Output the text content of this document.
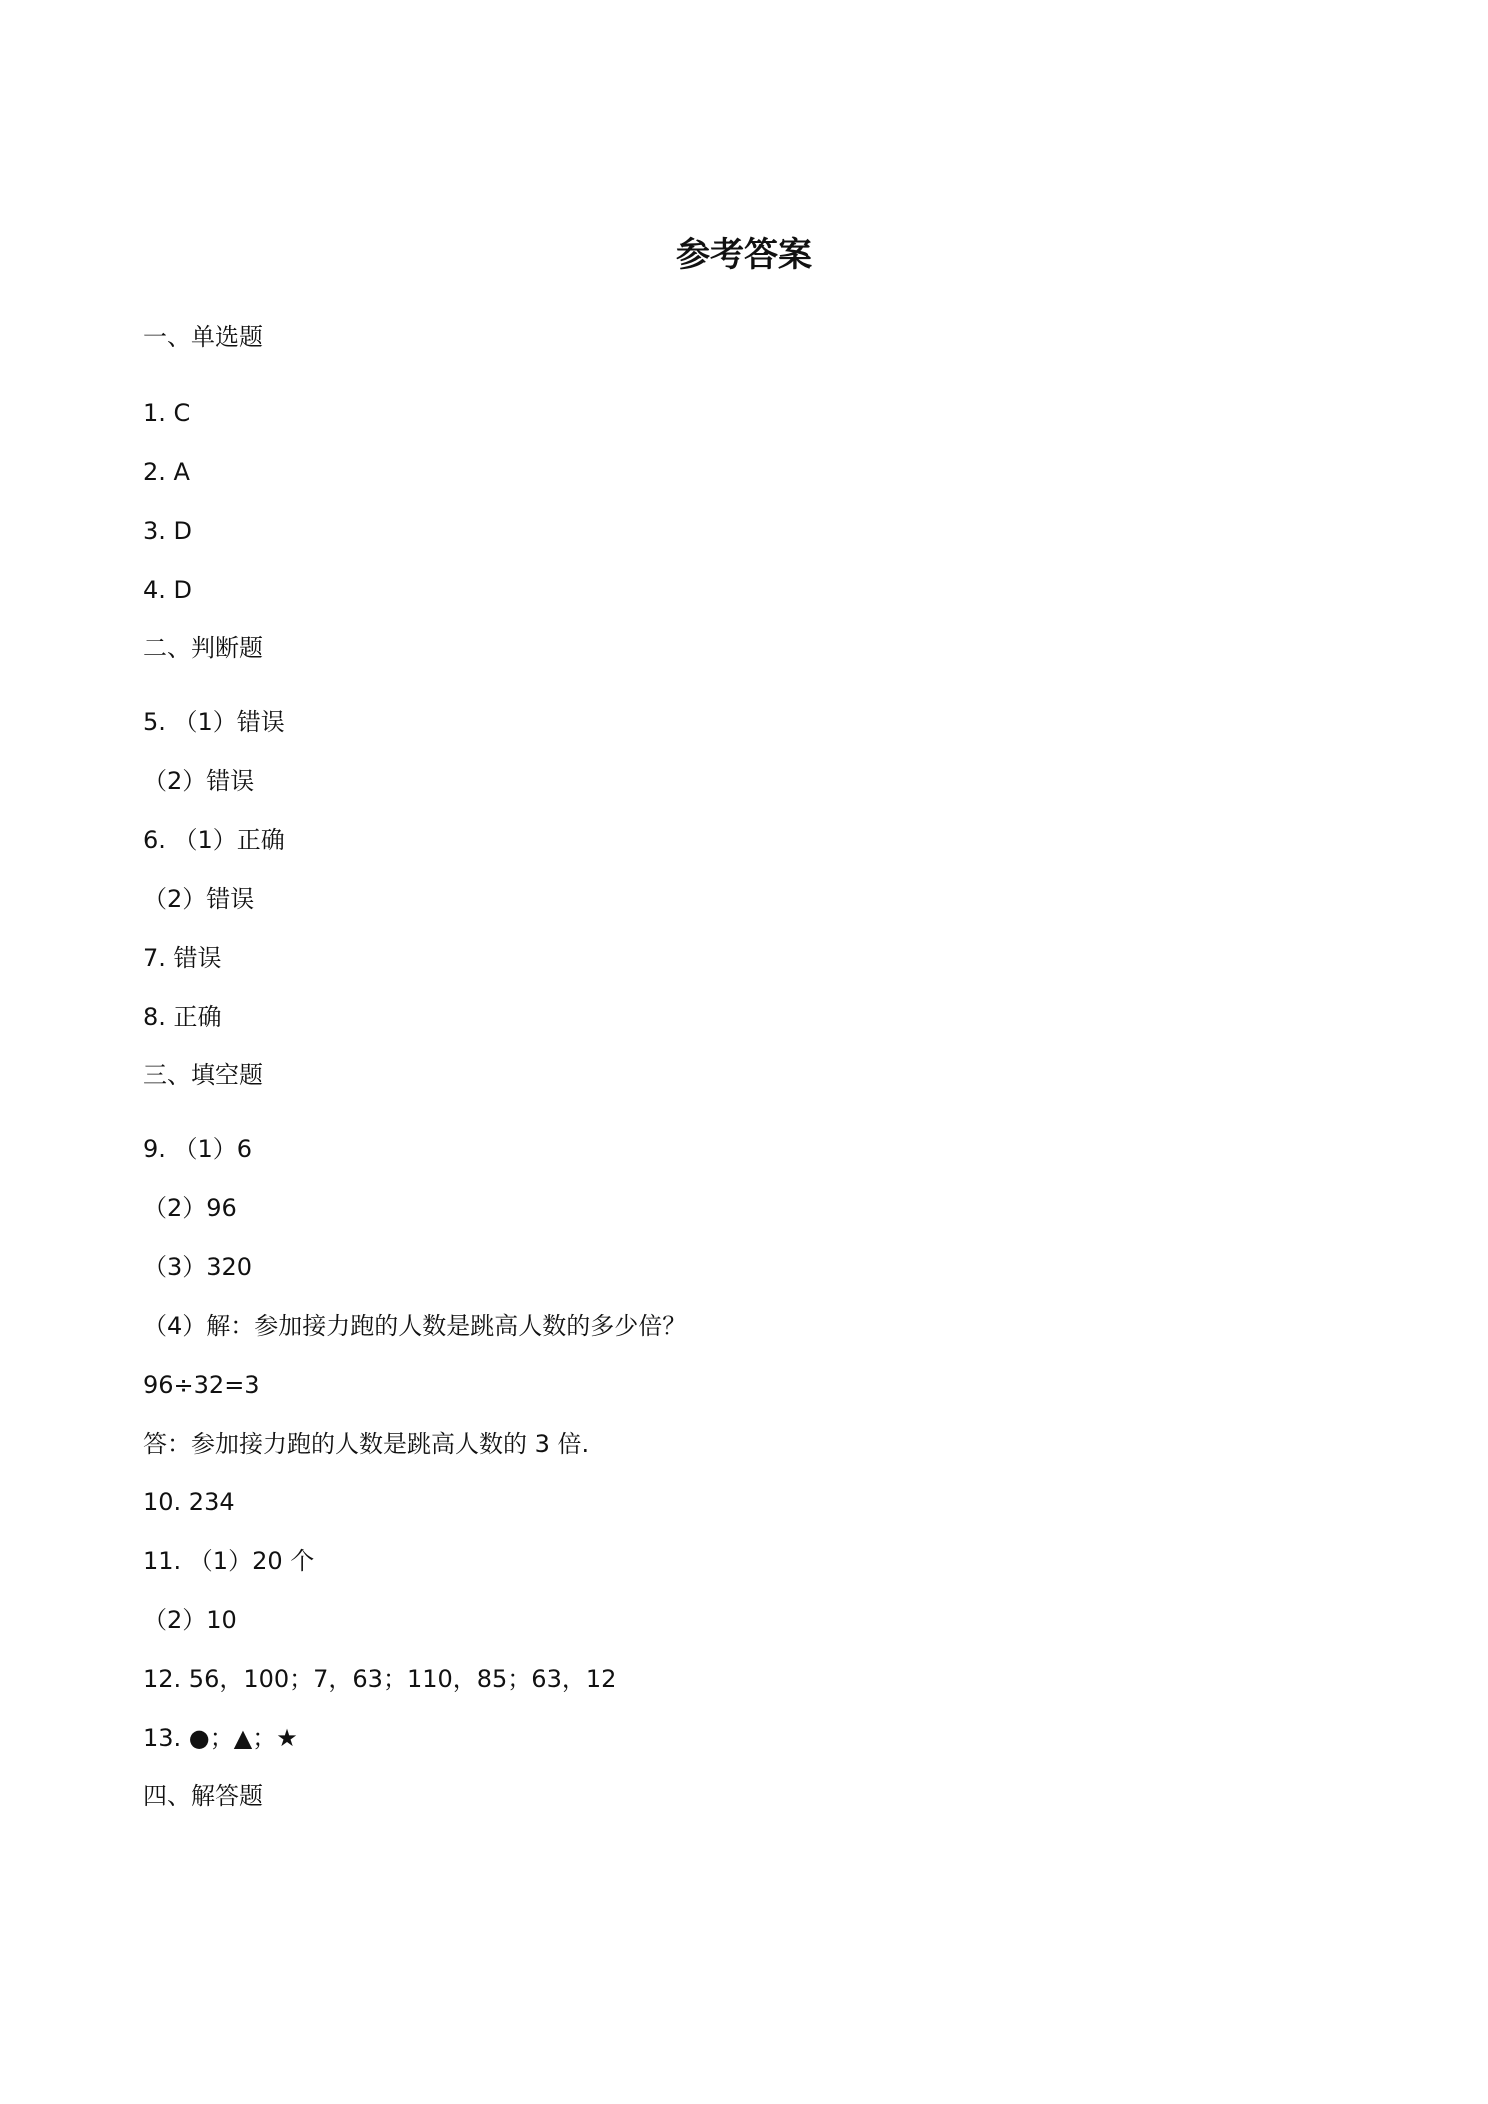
参考答案
一、单选题
1. C
2. A
3. D
4. D
二、判断题
5. （1）错误
（2）错误
6. （1）正确
（2）错误
7. 错误
8. 正确
三、填空题
9. （1）6
（2）96
（3）320
（4）解：参加接力跑的人数是跳高人数的多少倍？
96÷32=3
答：参加接力跑的人数是跳高人数的 3 倍.
10. 234
11. （1）20 个
（2）10
12. 56，100；7，63；110，85；63，12
13. ●；▲；★
四、解答题
